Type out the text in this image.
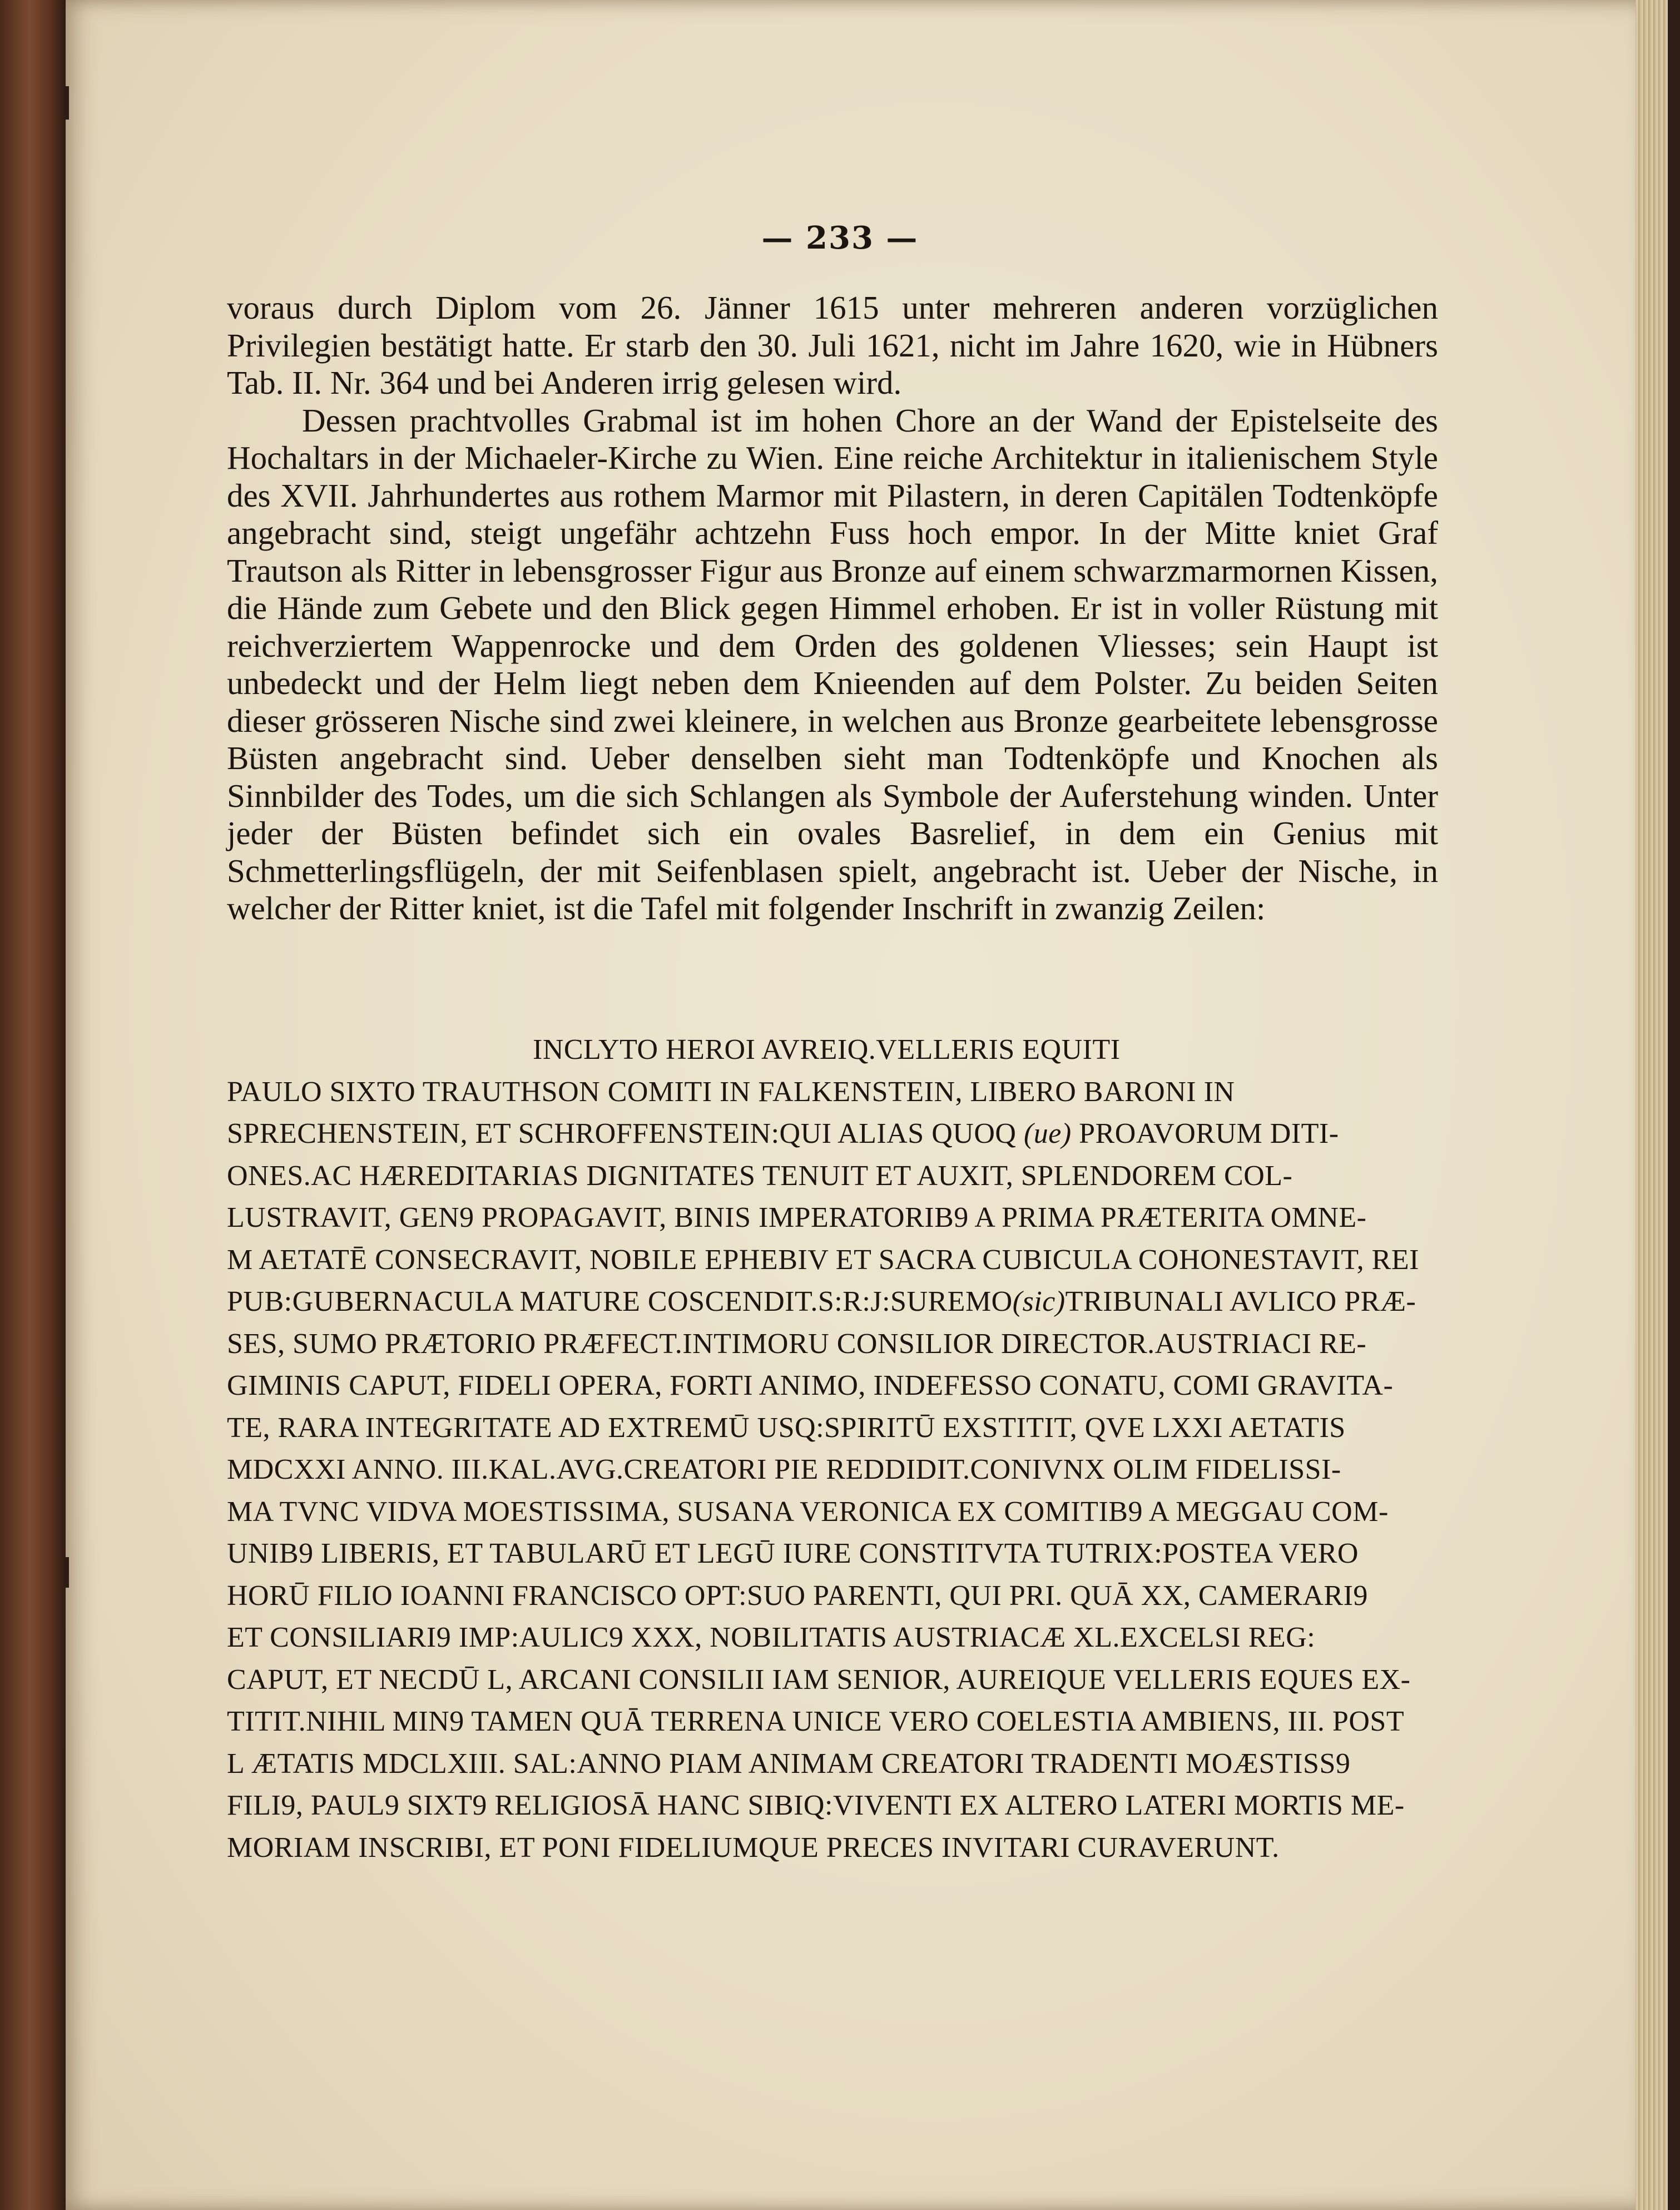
— 233 —

voraus durch Diplom vom 26. Jänner 1615 unter mehreren anderen vorzüglichen Privilegien bestätigt hatte. Er starb den 30. Juli 1621, nicht im Jahre 1620, wie in Hübners Tab. II. Nr. 364 und bei Anderen irrig gelesen wird.

Dessen prachtvolles Grabmal ist im hohen Chore an der Wand der Epistelseite des Hochaltars in der Michaeler-Kirche zu Wien. Eine reiche Architektur in italienischem Style des XVII. Jahrhundertes aus rothem Marmor mit Pilastern, in deren Capitälen Todtenköpfe angebracht sind, steigt ungefähr achtzehn Fuss hoch empor. In der Mitte kniet Graf Trautson als Ritter in lebensgrosser Figur aus Bronze auf einem schwarzmarmornen Kissen, die Hände zum Gebete und den Blick gegen Himmel erhoben. Er ist in voller Rüstung mit reichverziertem Wappenrocke und dem Orden des goldenen Vliesses; sein Haupt ist unbedeckt und der Helm liegt neben dem Knieenden auf dem Polster. Zu beiden Seiten dieser grösseren Nische sind zwei kleinere, in welchen aus Bronze gearbeitete lebensgrosse Büsten angebracht sind. Ueber denselben sieht man Todtenköpfe und Knochen als Sinnbilder des Todes, um die sich Schlangen als Symbole der Auferstehung winden. Unter jeder der Büsten befindet sich ein ovales Basrelief, in dem ein Genius mit Schmetterlingsflügeln, der mit Seifenblasen spielt, angebracht ist. Ueber der Nische, in welcher der Ritter kniet, ist die Tafel mit folgender Inschrift in zwanzig Zeilen:

INCLYTO HEROI AVREIQ.VELLERIS EQUITI
PAULO SIXTO TRAUTHSON COMITI IN FALKENSTEIN, LIBERO BARONI IN
SPRECHENSTEIN, ET SCHROFFENSTEIN:QUI ALIAS QUOQ (ue) PROAVORUM DITI-
ONES.AC HÆREDITARIAS DIGNITATES TENUIT ET AUXIT, SPLENDOREM COL-
LUSTRAVIT, GEN9 PROPAGAVIT, BINIS IMPERATORIB9 A PRIMA PRÆTERITA OMNE-
M AETATĒ CONSECRAVIT, NOBILE EPHEBIV ET SACRA CUBICULA COHONESTAVIT, REI
PUB:GUBERNACULA MATURE COSCENDIT.S:R:J:SUREMO(sic)TRIBUNALI AVLICO PRÆ-
SES, SUMO PRÆTORIO PRÆFECT.INTIMORU CONSILIOR DIRECTOR.AUSTRIACI RE-
GIMINIS CAPUT, FIDELI OPERA, FORTI ANIMO, INDEFESSO CONATU, COMI GRAVITA-
TE, RARA INTEGRITATE AD EXTREMŪ USQ:SPIRITŪ EXSTITIT, QVE LXXI AETATIS
MDCXXI ANNO. III.KAL.AVG.CREATORI PIE REDDIDIT.CONIVNX OLIM FIDELISSI-
MA TVNC VIDVA MOESTISSIMA, SUSANA VERONICA EX COMITIB9 A MEGGAU COM-
UNIB9 LIBERIS, ET TABULARŪ ET LEGŪ IURE CONSTITVTA TUTRIX:POSTEA VERO
HORŪ FILIO IOANNI FRANCISCO OPT:SUO PARENTI, QUI PRI. QUĀ XX, CAMERARI9
ET CONSILIARI9 IMP:AULIC9 XXX, NOBILITATIS AUSTRIACÆ XL.EXCELSI REG:
CAPUT, ET NECDŪ L, ARCANI CONSILII IAM SENIOR, AUREIQUE VELLERIS EQUES EX-
TITIT.NIHIL MIN9 TAMEN QUĀ TERRENA UNICE VERO COELESTIA AMBIENS, III. POST
L ÆTATIS MDCLXIII. SAL:ANNO PIAM ANIMAM CREATORI TRADENTI MOÆSTISS9
FILI9, PAUL9 SIXT9 RELIGIOSĀ HANC SIBIQ:VIVENTI EX ALTERO LATERI MORTIS ME-
MORIAM INSCRIBI, ET PONI FIDELIUMQUE PRECES INVITARI CURAVERUNT.
